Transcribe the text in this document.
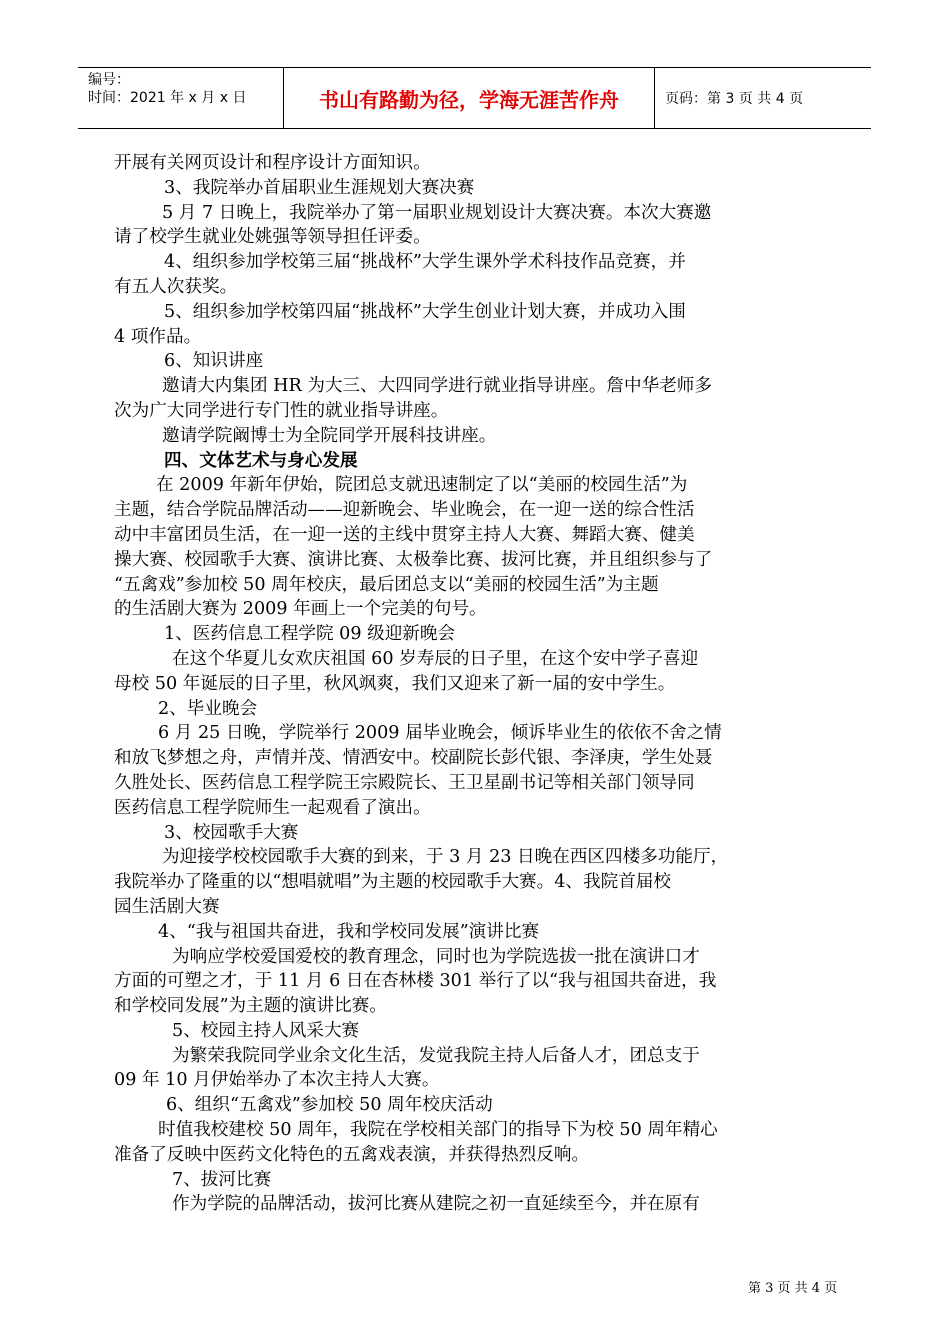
编号：
时间：2021 年 x 月 x 日	书山有路勤为径，学海无涯苦作舟	页码：第 3 页 共 4 页
开展有关网页设计和程序设计方面知识。
3、我院举办首届职业生涯规划大赛决赛
5 月 7 日晚上，我院举办了第一届职业规划设计大赛决赛。本次大赛邀
请了校学生就业处姚强等领导担任评委。
4、组织参加学校第三届“挑战杯”大学生课外学术科技作品竞赛，并
有五人次获奖。
5、组织参加学校第四届“挑战杯”大学生创业计划大赛，并成功入围
4 项作品。
6、知识讲座
邀请大内集团 HR 为大三、大四同学进行就业指导讲座。詹中华老师多
次为广大同学进行专门性的就业指导讲座。
邀请学院阚博士为全院同学开展科技讲座。
四、文体艺术与身心发展
在 2009 年新年伊始，院团总支就迅速制定了以“美丽的校园生活”为
主题，结合学院品牌活动——迎新晚会、毕业晚会，在一迎一送的综合性活
动中丰富团员生活，在一迎一送的主线中贯穿主持人大赛、舞蹈大赛、健美
操大赛、校园歌手大赛、演讲比赛、太极拳比赛、拔河比赛，并且组织参与了
“五禽戏”参加校 50 周年校庆，最后团总支以“美丽的校园生活”为主题
的生活剧大赛为 2009 年画上一个完美的句号。
1、医药信息工程学院 09 级迎新晚会
在这个华夏儿女欢庆祖国 60 岁寿辰的日子里，在这个安中学子喜迎
母校 50 年诞辰的日子里，秋风飒爽，我们又迎来了新一届的安中学生。
2、毕业晚会
6 月 25 日晚，学院举行 2009 届毕业晚会，倾诉毕业生的依依不舍之情
和放飞梦想之舟，声情并茂、情洒安中。校副院长彭代银、李泽庚，学生处聂
久胜处长、医药信息工程学院王宗殿院长、王卫星副书记等相关部门领导同
医药信息工程学院师生一起观看了演出。
3、校园歌手大赛
为迎接学校校园歌手大赛的到来，于 3 月 23 日晚在西区四楼多功能厅，
我院举办了隆重的以“想唱就唱”为主题的校园歌手大赛。4、我院首届校
园生活剧大赛
4、“我与祖国共奋进，我和学校同发展”演讲比赛
为响应学校爱国爱校的教育理念，同时也为学院选拔一批在演讲口才
方面的可塑之才，于 11 月 6 日在杏林楼 301 举行了以“我与祖国共奋进，我
和学校同发展”为主题的演讲比赛。
5、校园主持人风采大赛
为繁荣我院同学业余文化生活，发觉我院主持人后备人才，团总支于
09 年 10 月伊始举办了本次主持人大赛。
6、组织“五禽戏”参加校 50 周年校庆活动
时值我校建校 50 周年，我院在学校相关部门的指导下为校 50 周年精心
准备了反映中医药文化特色的五禽戏表演，并获得热烈反响。
7、拔河比赛
作为学院的品牌活动，拔河比赛从建院之初一直延续至今，并在原有
第 3 页 共 4 页
